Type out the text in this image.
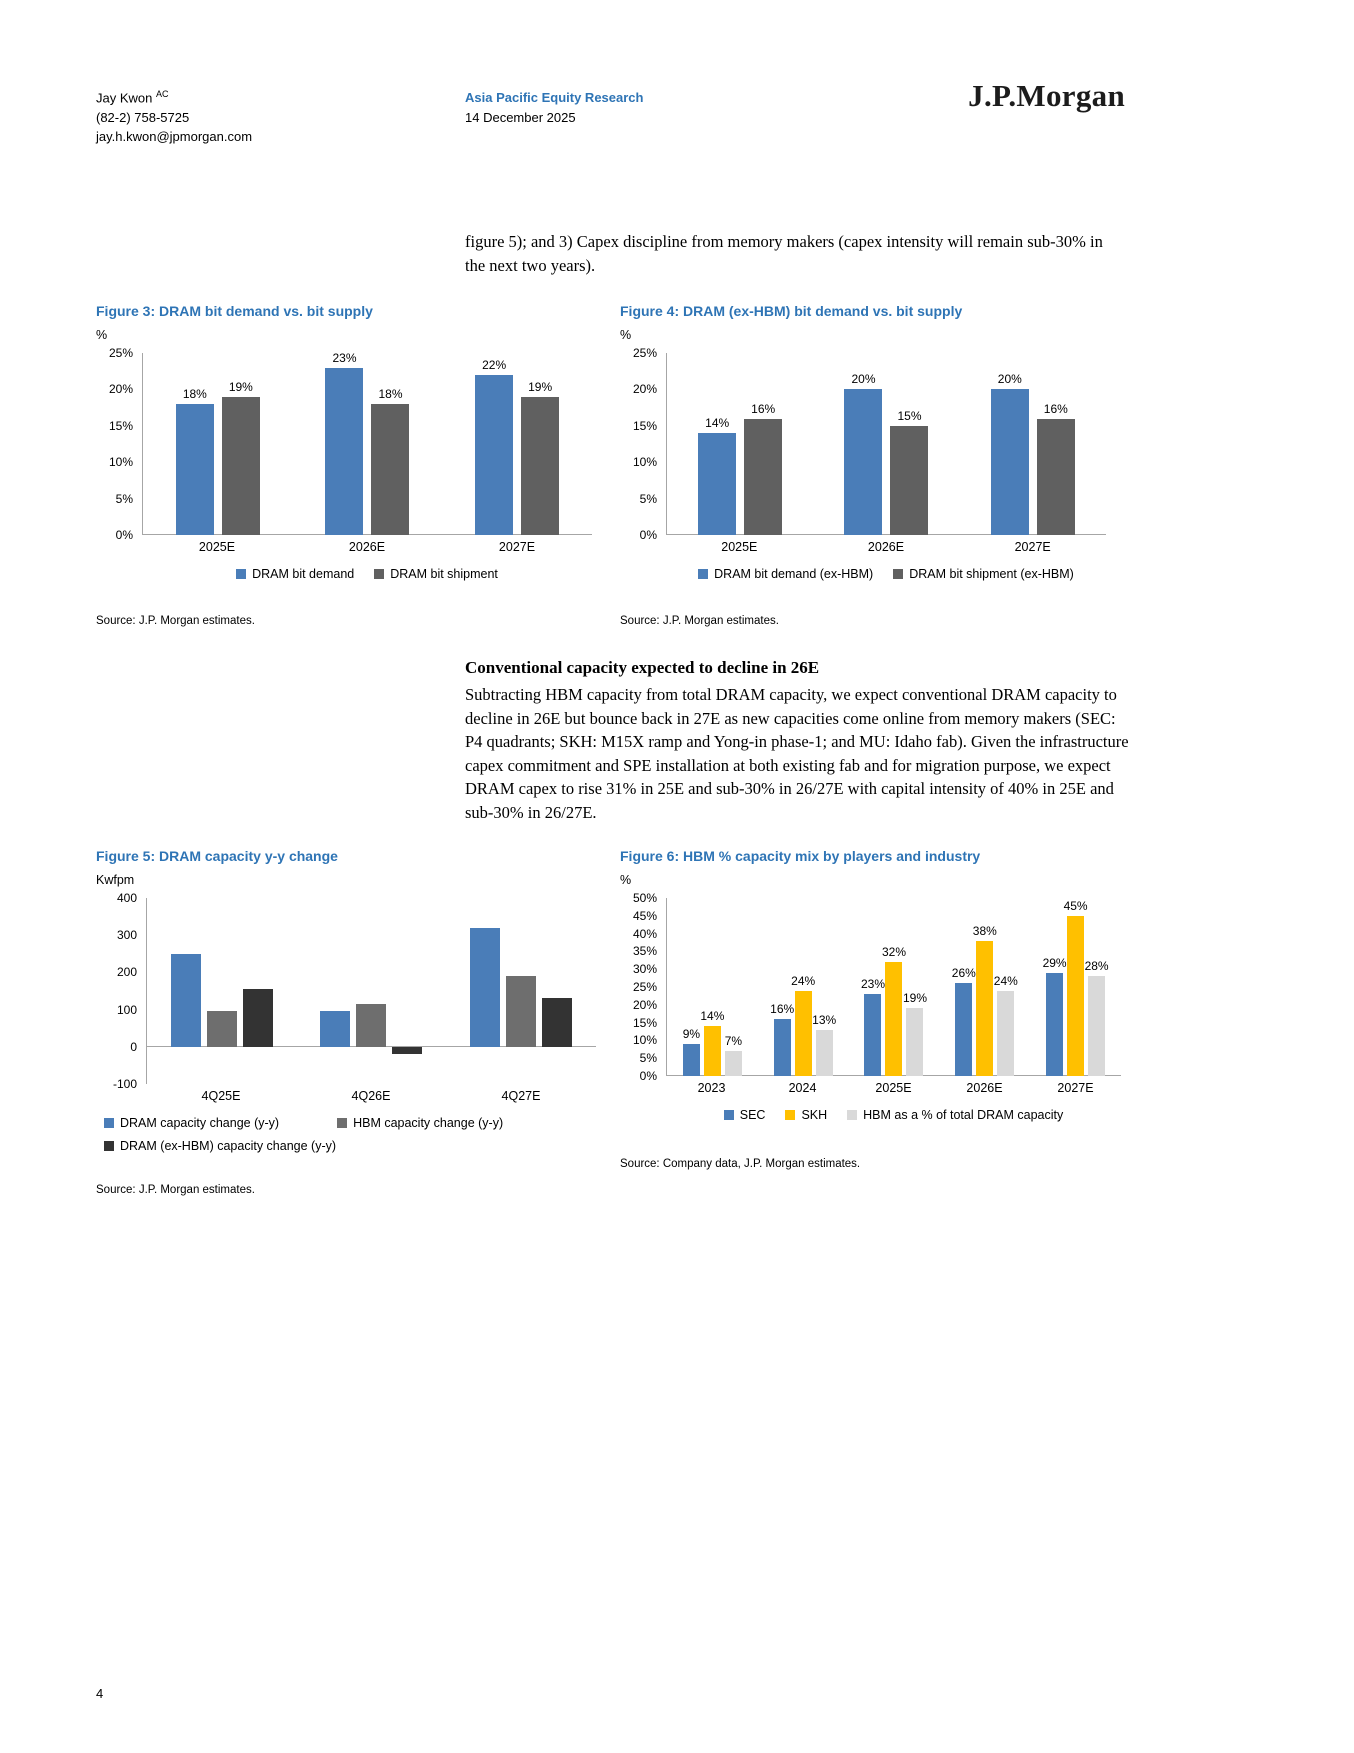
Jay Kwon $^{AC}$
(82-2) 758-5725
jay.h.kwon@jpmorgan.com
Asia Pacific Equity Research
14 December 2025
J.P.Morgan
figure 5); and 3) Capex discipline from memory makers (capex intensity will remain sub-30% in the next two years).
Figure 3: DRAM bit demand vs. bit supply
%
0%
5%
10%
15%
20%
25%
18%
19%
23%
18%
22%
19%
2025E	2026E	2027E
DRAM bit demand	DRAM bit shipment
Source: J.P. Morgan estimates.
Figure 4: DRAM (ex-HBM) bit demand vs. bit supply
%
0%
5%
10%
15%
20%
25%
14%
16%
20%
15%
20%
16%
2025E	2026E	2027E
DRAM bit demand (ex-HBM)	DRAM bit shipment (ex-HBM)
Source: J.P. Morgan estimates.
Conventional capacity expected to decline in 26E
Subtracting HBM capacity from total DRAM capacity, we expect conventional DRAM capacity to decline in 26E but bounce back in 27E as new capacities come online from memory makers (SEC: P4 quadrants; SKH: M15X ramp and Yong-in phase-1; and MU: Idaho fab). Given the infrastructure capex commitment and SPE installation at both existing fab and for migration purpose, we expect DRAM capex to rise 31% in 25E and sub-30% in 26/27E with capital intensity of 40% in 25E and sub-30% in 26/27E.
Figure 5: DRAM capacity y-y change
Kwfpm
-100
0
100
200
300
400
4Q25E	4Q26E	4Q27E
DRAM capacity change (y-y)	HBM capacity change (y-y)
DRAM (ex-HBM) capacity change (y-y)
Source: J.P. Morgan estimates.
Figure 6: HBM % capacity mix by players and industry
%
0%
5%
10%
15%
20%
25%
30%
35%
40%
45%
50%
9%
14%
7%
16%
24%
13%
23%
32%
19%
26%
38%
24%
29%
45%
28%
2023	2024	2025E	2026E	2027E
SEC	SKH	HBM as a % of total DRAM capacity
Source: Company data, J.P. Morgan estimates.
4
